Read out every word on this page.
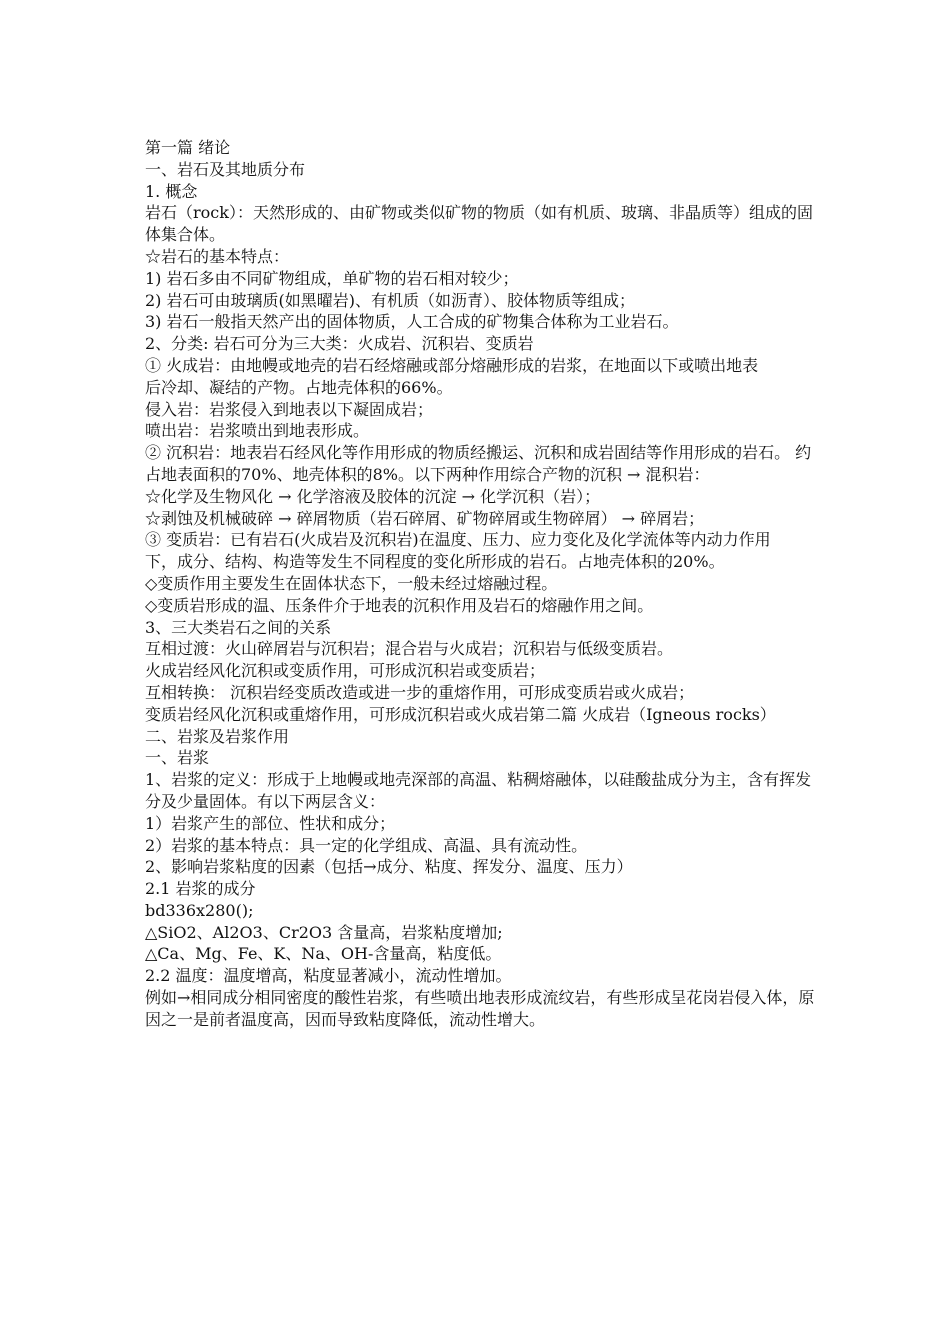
第一篇 绪论

一、岩石及其地质分布

1. 概念

岩石（rock）：天然形成的、由矿物或类似矿物的物质（如有机质、玻璃、非晶质等）组成的固体集合体。

☆岩石的基本特点：

1) 岩石多由不同矿物组成，单矿物的岩石相对较少；

2) 岩石可由玻璃质(如黑曜岩)、有机质（如沥青）、胶体物质等组成；

3) 岩石一般指天然产出的固体物质，人工合成的矿物集合体称为工业岩石。

2、分类: 岩石可分为三大类：火成岩、沉积岩、变质岩

① 火成岩：由地幔或地壳的岩石经熔融或部分熔融形成的岩浆，在地面以下或喷出地表

后冷却、凝结的产物。占地壳体积的66%。

侵入岩：岩浆侵入到地表以下凝固成岩；

喷出岩：岩浆喷出到地表形成。

② 沉积岩：地表岩石经风化等作用形成的物质经搬运、沉积和成岩固结等作用形成的岩石。 约占地表面积的70%、地壳体积的8%。以下两种作用综合产物的沉积 → 混积岩：

☆化学及生物风化 → 化学溶液及胶体的沉淀 → 化学沉积（岩）；

☆剥蚀及机械破碎 → 碎屑物质（岩石碎屑、矿物碎屑或生物碎屑） → 碎屑岩；

③ 变质岩：已有岩石(火成岩及沉积岩)在温度、压力、应力变化及化学流体等内动力作用

下，成分、结构、构造等发生不同程度的变化所形成的岩石。占地壳体积的20%。

◇变质作用主要发生在固体状态下，一般未经过熔融过程。

◇变质岩形成的温、压条件介于地表的沉积作用及岩石的熔融作用之间。

3、三大类岩石之间的关系

互相过渡：火山碎屑岩与沉积岩；混合岩与火成岩；沉积岩与低级变质岩。

火成岩经风化沉积或变质作用，可形成沉积岩或变质岩；

互相转换： 沉积岩经变质改造或进一步的重熔作用，可形成变质岩或火成岩；

变质岩经风化沉积或重熔作用，可形成沉积岩或火成岩第二篇 火成岩（Igneous rocks）

二、岩浆及岩浆作用

一、岩浆

1、岩浆的定义：形成于上地幔或地壳深部的高温、粘稠熔融体，以硅酸盐成分为主，含有挥发分及少量固体。有以下两层含义：

1）岩浆产生的部位、性状和成分；

2）岩浆的基本特点：具一定的化学组成、高温、具有流动性。

2、影响岩浆粘度的因素（包括→成分、粘度、挥发分、温度、压力）

2.1 岩浆的成分

bd336x280();

△SiO2、Al2O3、Cr2O3 含量高，岩浆粘度增加;

△Ca、Mg、Fe、K、Na、OH-含量高，粘度低。

2.2 温度：温度增高，粘度显著减小，流动性增加。

例如→相同成分相同密度的酸性岩浆，有些喷出地表形成流纹岩，有些形成呈花岗岩侵入体，原因之一是前者温度高，因而导致粘度降低，流动性增大。
